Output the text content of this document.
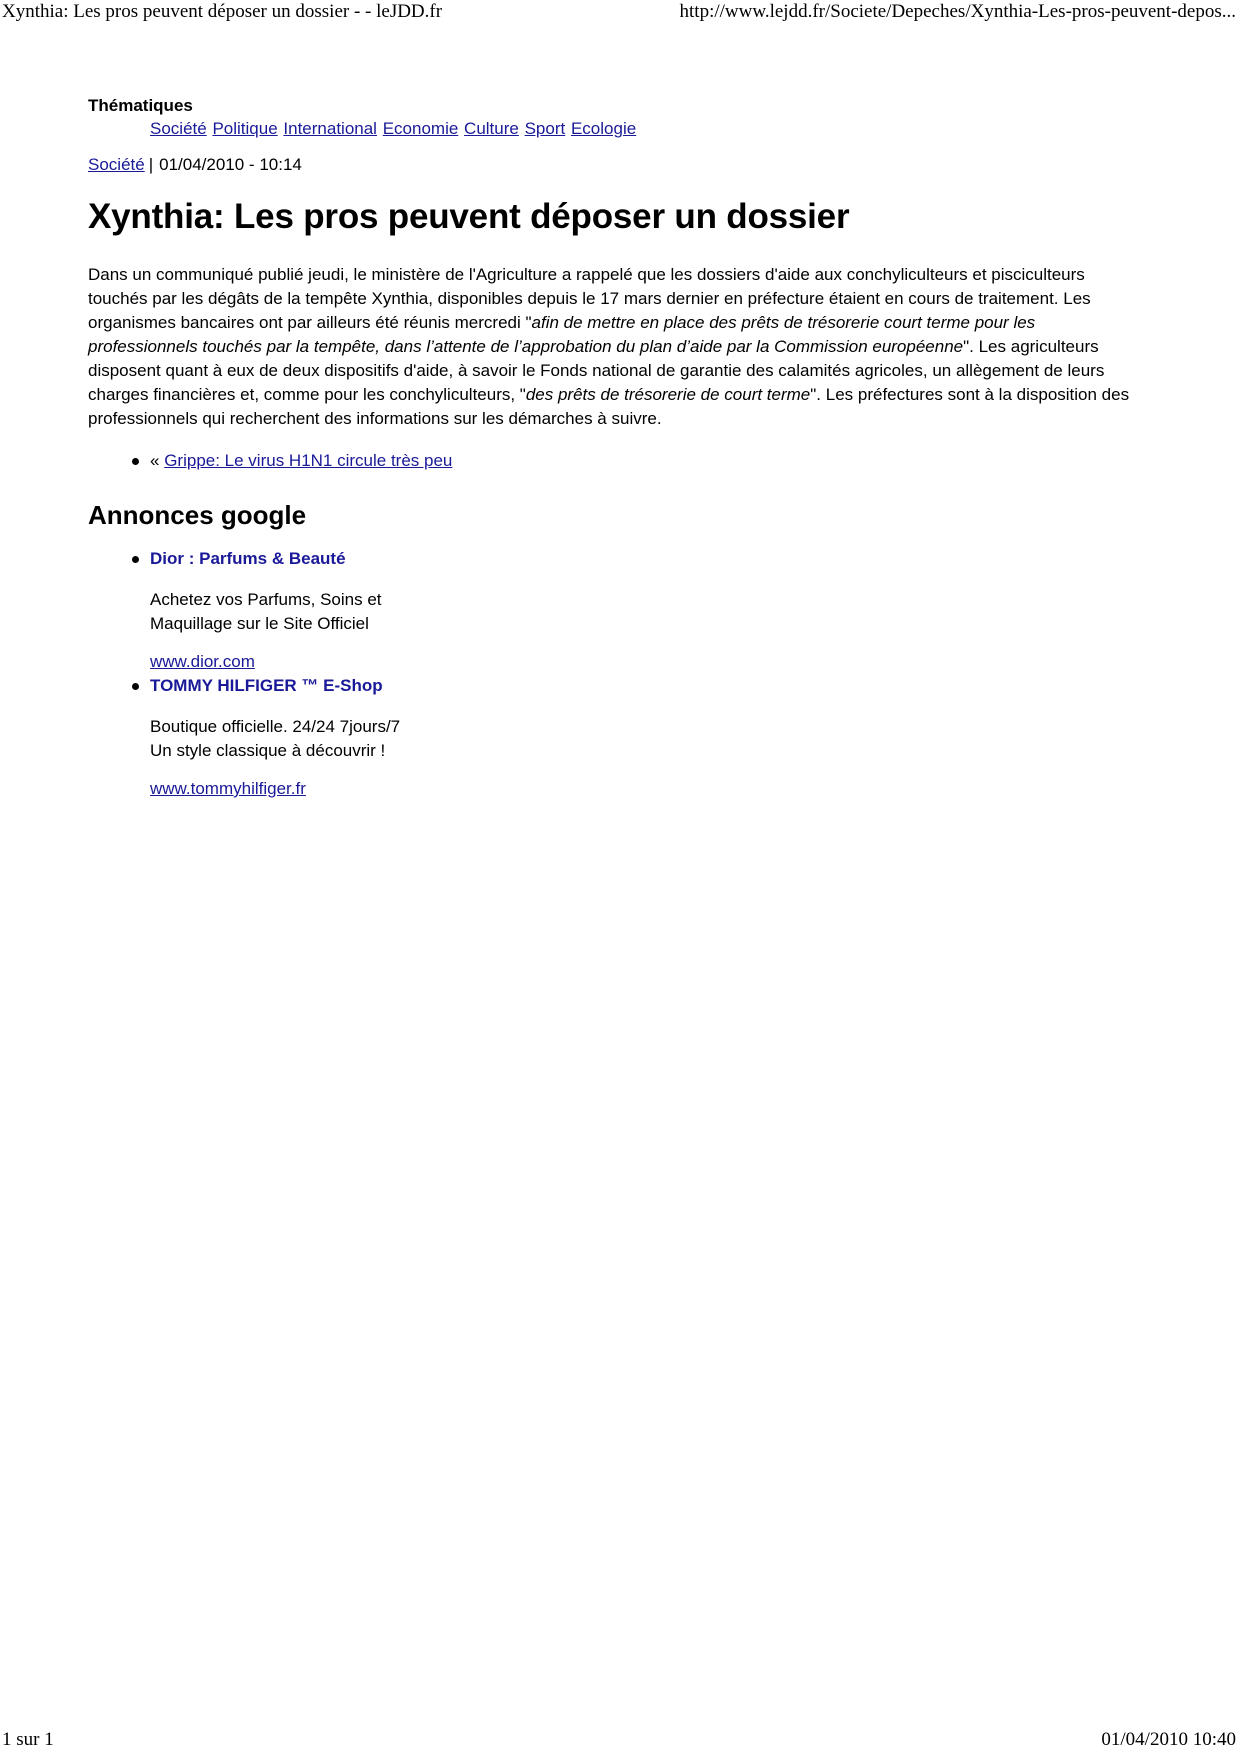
Xynthia: Les pros peuvent déposer un dossier - - leJDD.fr	http://www.lejdd.fr/Societe/Depeches/Xynthia-Les-pros-peuvent-depos...

Thématiques

Société Politique International Economie Culture Sport Ecologie

Société | 01/04/2010 - 10:14
Xynthia: Les pros peuvent déposer un dossier

Dans un communiqué publié jeudi, le ministère de l'Agriculture a rappelé que les dossiers d'aide aux conchyliculteurs et pisciculteurs touchés par les dégâts de la tempête Xynthia, disponibles depuis le 17 mars dernier en préfecture étaient en cours de traitement. Les organismes bancaires ont par ailleurs été réunis mercredi "afin de mettre en place des prêts de trésorerie court terme pour les professionnels touchés par la tempête, dans l’attente de l’approbation du plan d’aide par la Commission européenne". Les agriculteurs disposent quant à eux de deux dispositifs d'aide, à savoir le Fonds national de garantie des calamités agricoles, un allègement de leurs charges financières et, comme pour les conchyliculteurs, "des prêts de trésorerie de court terme". Les préfectures sont à la disposition des professionnels qui recherchent des informations sur les démarches à suivre.

« Grippe: Le virus H1N1 circule très peu
Annonces google
Dior : Parfums & Beauté
Achetez vos Parfums, Soins et
Maquillage sur le Site Officiel
www.dior.com
TOMMY HILFIGER ™ E-Shop
Boutique officielle. 24/24 7jours/7
Un style classique à découvrir !
www.tommyhilfiger.fr
1 sur 1	01/04/2010 10:40
